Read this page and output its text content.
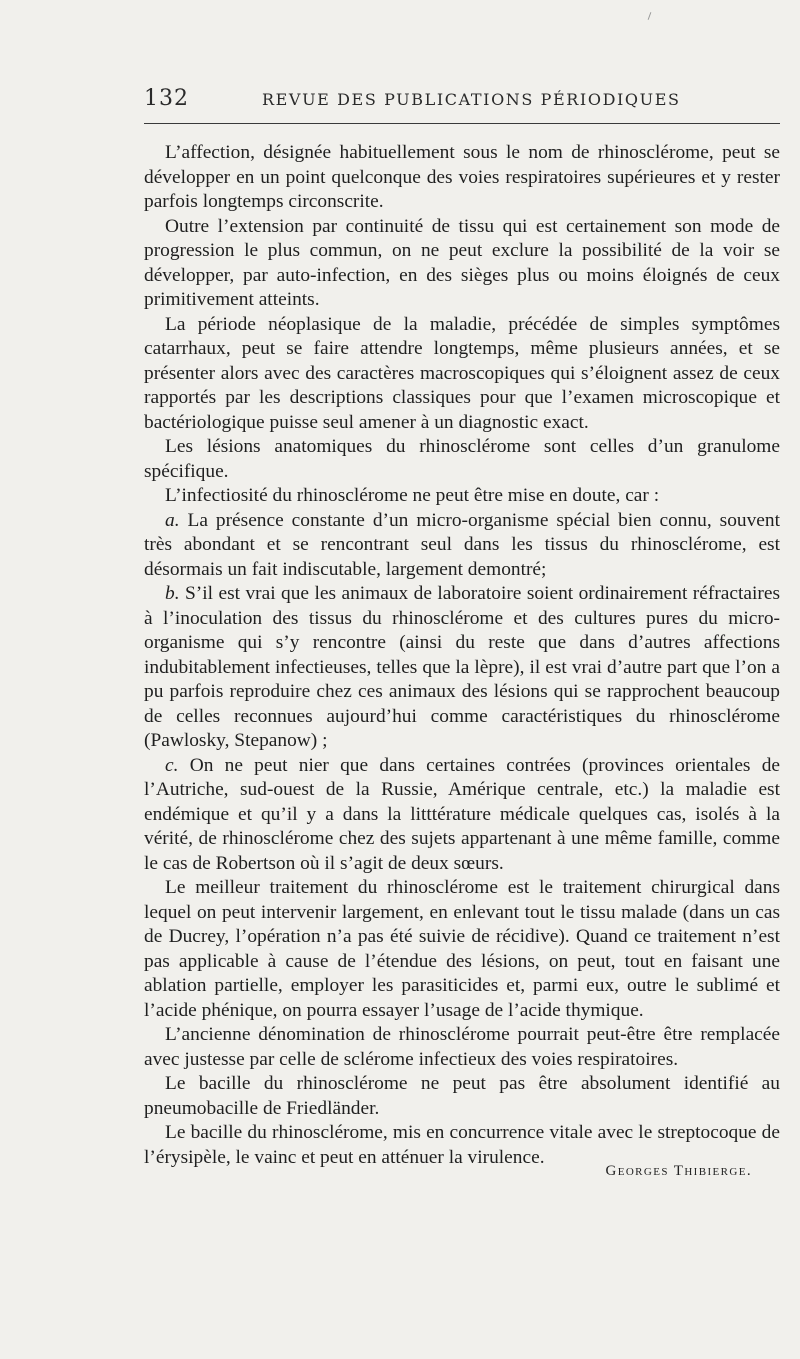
132	REVUE DES PUBLICATIONS PÉRIODIQUES

L’affection, désignée habituellement sous le nom de rhinosclérome, peut se développer en un point quelconque des voies respiratoires supérieures et y rester parfois longtemps circonscrite.

Outre l’extension par continuité de tissu qui est certainement son mode de progression le plus commun, on ne peut exclure la possibilité de la voir se développer, par auto-infection, en des sièges plus ou moins éloignés de ceux primitivement atteints.

La période néoplasique de la maladie, précédée de simples symptômes catarrhaux, peut se faire attendre longtemps, même plusieurs années, et se présenter alors avec des caractères macroscopiques qui s’éloignent assez de ceux rapportés par les descriptions classiques pour que l’examen microscopique et bactériologique puisse seul amener à un diagnostic exact.

Les lésions anatomiques du rhinosclérome sont celles d’un granulome spécifique.

L’infectiosité du rhinosclérome ne peut être mise en doute, car :

a. La présence constante d’un micro-organisme spécial bien connu, souvent très abondant et se rencontrant seul dans les tissus du rhinosclérome, est désormais un fait indiscutable, largement demontré;

b. S’il est vrai que les animaux de laboratoire soient ordinairement réfractaires à l’inoculation des tissus du rhinosclérome et des cultures pures du micro-organisme qui s’y rencontre (ainsi du reste que dans d’autres affections indubitablement infectieuses, telles que la lèpre), il est vrai d’autre part que l’on a pu parfois reproduire chez ces animaux des lésions qui se rapprochent beaucoup de celles reconnues aujourd’hui comme caractéristiques du rhinosclérome (Pawlosky, Stepanow) ;

c. On ne peut nier que dans certaines contrées (provinces orientales de l’Autriche, sud-ouest de la Russie, Amérique centrale, etc.) la maladie est endémique et qu’il y a dans la litttérature médicale quelques cas, isolés à la vérité, de rhinosclérome chez des sujets appartenant à une même famille, comme le cas de Robertson où il s’agit de deux sœurs.

Le meilleur traitement du rhinosclérome est le traitement chirurgical dans lequel on peut intervenir largement, en enlevant tout le tissu malade (dans un cas de Ducrey, l’opération n’a pas été suivie de récidive). Quand ce traitement n’est pas applicable à cause de l’étendue des lésions, on peut, tout en faisant une ablation partielle, employer les parasiticides et, parmi eux, outre le sublimé et l’acide phénique, on pourra essayer l’usage de l’acide thymique.

L’ancienne dénomination de rhinosclérome pourrait peut-être être remplacée avec justesse par celle de sclérome infectieux des voies respiratoires.

Le bacille du rhinosclérome ne peut pas être absolument identifié au pneumobacille de Friedländer.

Le bacille du rhinosclérome, mis en concurrence vitale avec le streptocoque de l’érysipèle, le vainc et peut en atténuer la virulence.

Georges Thibierge.
